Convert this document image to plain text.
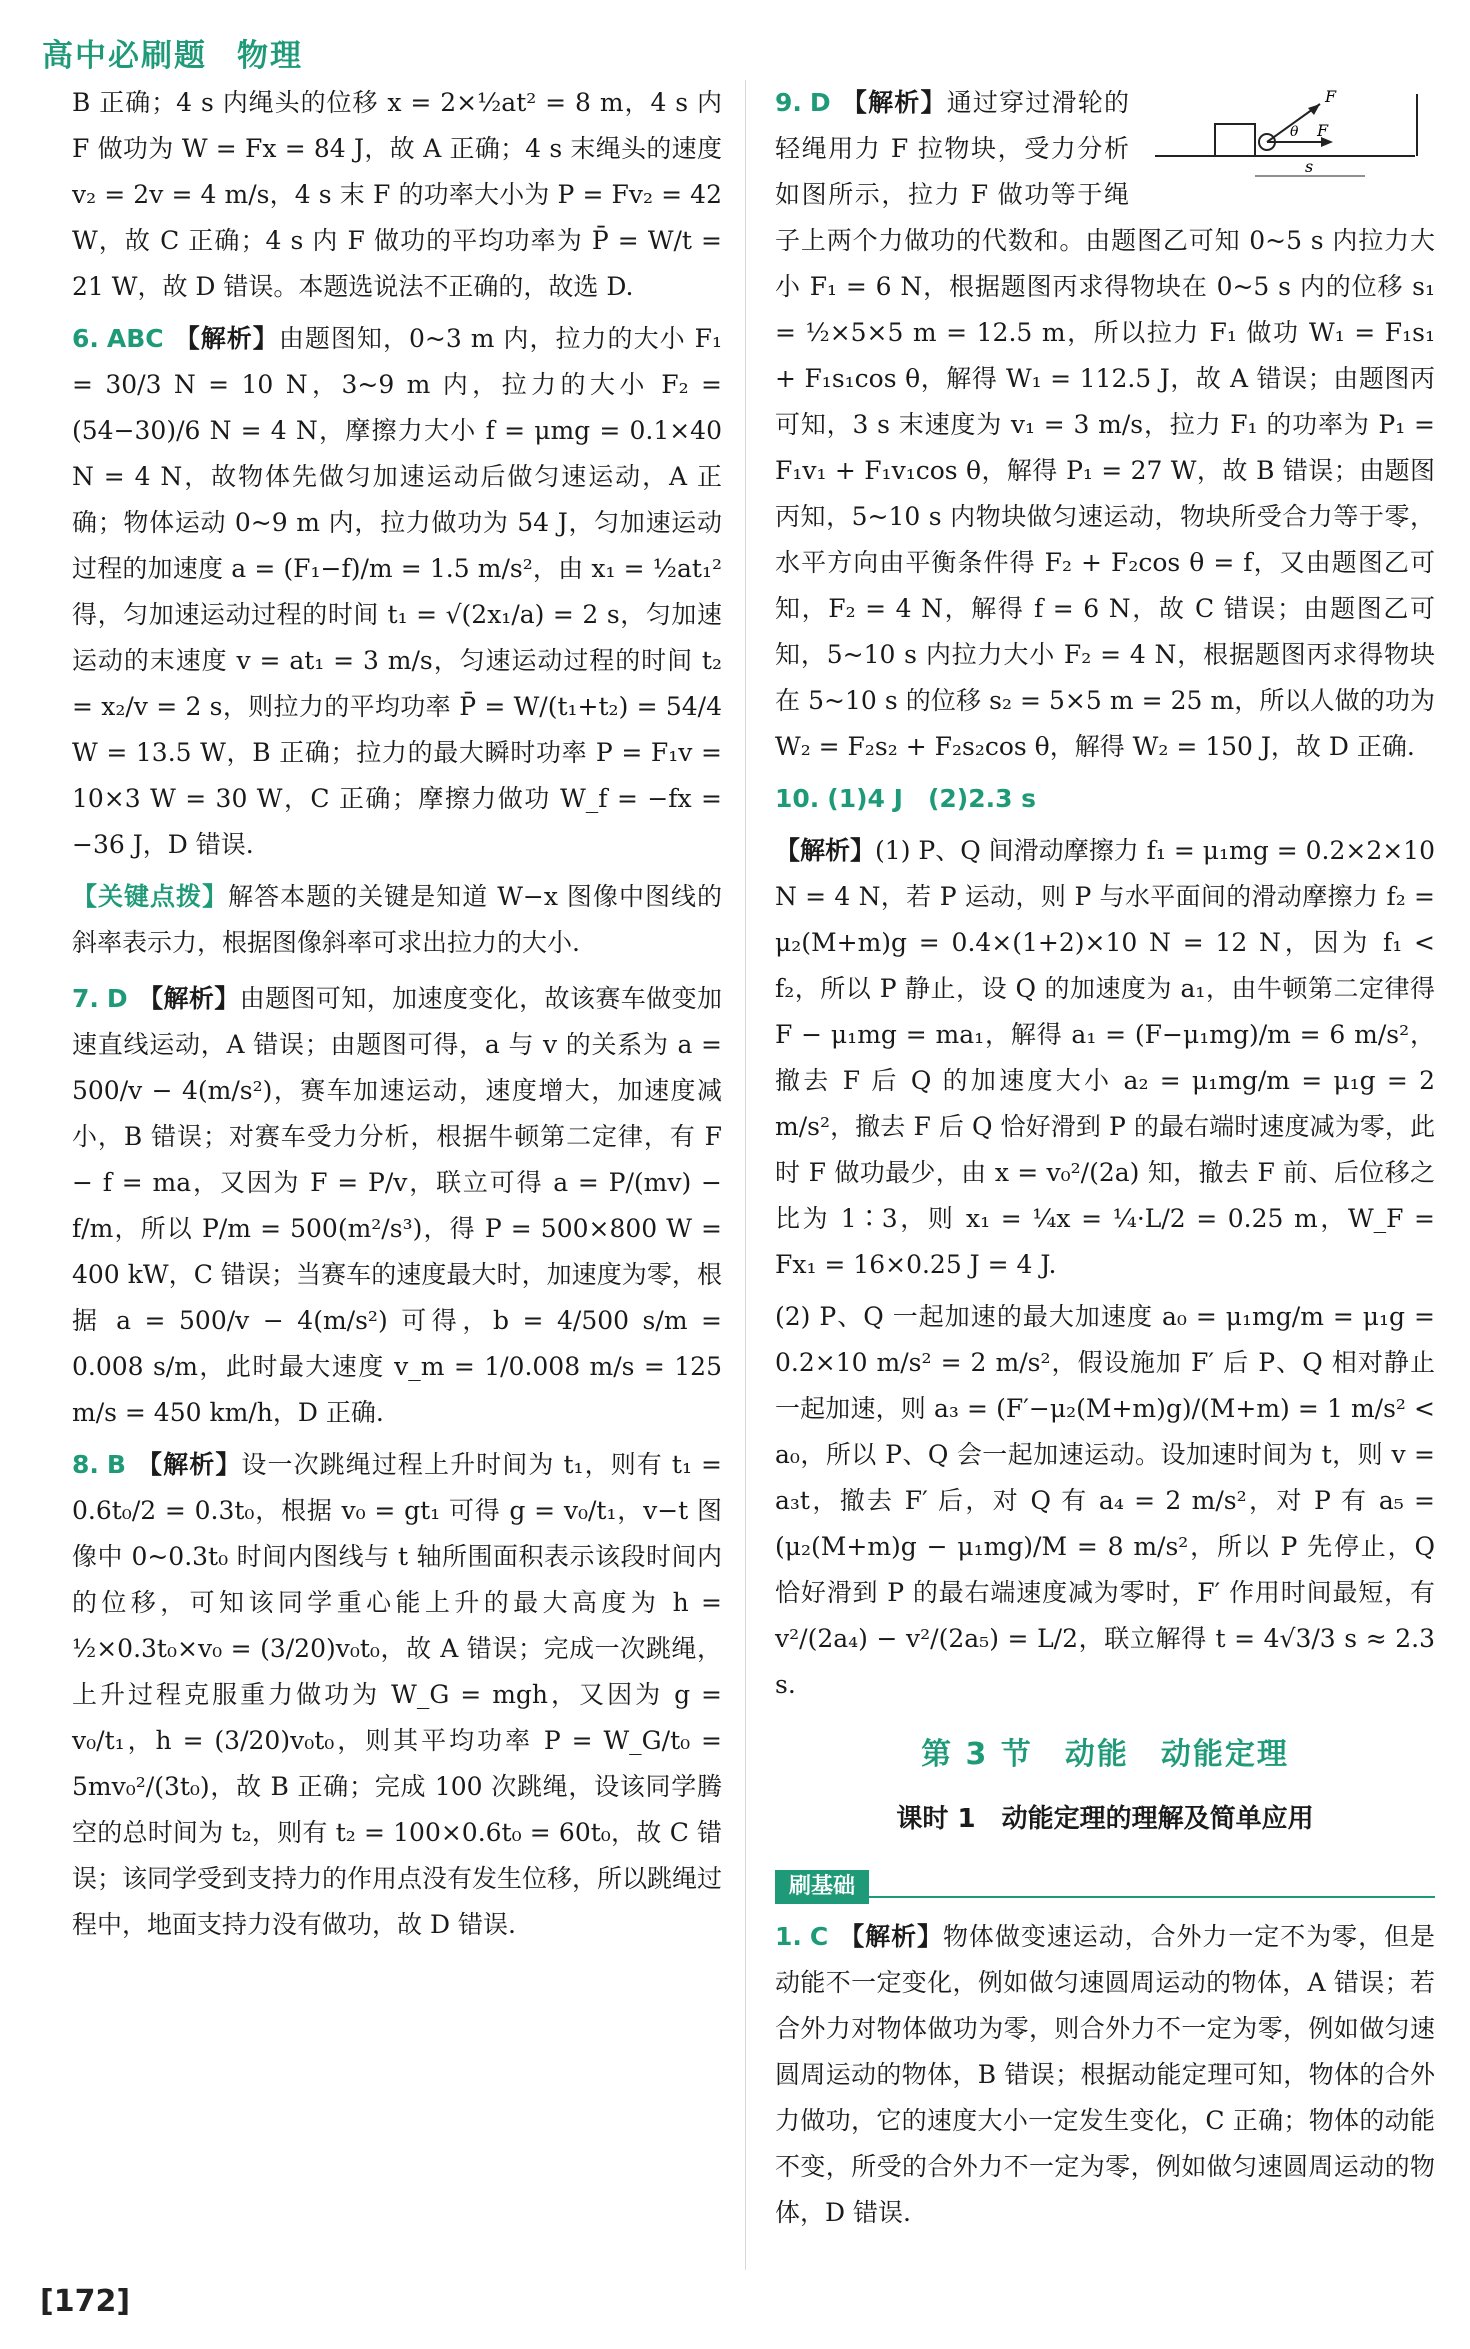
高中必刷题 物理

B 正确；4 s 内绳头的位移 x = 2×½at² = 8 m，4 s 内 F 做功为 W = Fx = 84 J，故 A 正确；4 s 末绳头的速度 v₂ = 2v = 4 m/s，4 s 末 F 的功率大小为 P = Fv₂ = 42 W，故 C 正确；4 s 内 F 做功的平均功率为 P̄ = W/t = 21 W，故 D 错误。本题选说法不正确的，故选 D.

6. ABC 【解析】由题图知，0~3 m 内，拉力的大小 F₁ = 30/3 N = 10 N，3~9 m 内，拉力的大小 F₂ = (54−30)/6 N = 4 N，摩擦力大小 f = μmg = 0.1×40 N = 4 N，故物体先做匀加速运动后做匀速运动，A 正确；物体运动 0~9 m 内，拉力做功为 54 J，匀加速运动过程的加速度 a = (F₁−f)/m = 1.5 m/s²，由 x₁ = ½at₁² 得，匀加速运动过程的时间 t₁ = √(2x₁/a) = 2 s，匀加速运动的末速度 v = at₁ = 3 m/s，匀速运动过程的时间 t₂ = x₂/v = 2 s，则拉力的平均功率 P̄ = W/(t₁+t₂) = 54/4 W = 13.5 W，B 正确；拉力的最大瞬时功率 P = F₁v = 10×3 W = 30 W，C 正确；摩擦力做功 W_f = −fx = −36 J，D 错误.

【关键点拨】解答本题的关键是知道 W−x 图像中图线的斜率表示力，根据图像斜率可求出拉力的大小.

7. D 【解析】由题图可知，加速度变化，故该赛车做变加速直线运动，A 错误；由题图可得，a 与 v 的关系为 a = 500/v − 4(m/s²)，赛车加速运动，速度增大，加速度减小，B 错误；对赛车受力分析，根据牛顿第二定律，有 F − f = ma，又因为 F = P/v，联立可得 a = P/(mv) − f/m，所以 P/m = 500(m²/s³)，得 P = 500×800 W = 400 kW，C 错误；当赛车的速度最大时，加速度为零，根据 a = 500/v − 4(m/s²) 可得，b = 4/500 s/m = 0.008 s/m，此时最大速度 v_m = 1/0.008 m/s = 125 m/s = 450 km/h，D 正确.

8. B 【解析】设一次跳绳过程上升时间为 t₁，则有 t₁ = 0.6t₀/2 = 0.3t₀，根据 v₀ = gt₁ 可得 g = v₀/t₁，v−t 图像中 0~0.3t₀ 时间内图线与 t 轴所围面积表示该段时间内的位移，可知该同学重心能上升的最大高度为 h = ½×0.3t₀×v₀ = (3/20)v₀t₀，故 A 错误；完成一次跳绳，上升过程克服重力做功为 W_G = mgh，又因为 g = v₀/t₁，h = (3/20)v₀t₀，则其平均功率 P = W_G/t₀ = 5mv₀²/(3t₀)，故 B 正确；完成 100 次跳绳，设该同学腾空的总时间为 t₂，则有 t₂ = 100×0.6t₀ = 60t₀，故 C 错误；该同学受到支持力的作用点没有发生位移，所以跳绳过程中，地面支持力没有做功，故 D 错误.

F
θ F
s

9. D 【解析】通过穿过滑轮的轻绳用力 F 拉物块，受力分析如图所示，拉力 F 做功等于绳子上两个力做功的代数和。由题图乙可知 0~5 s 内拉力大小 F₁ = 6 N，根据题图丙求得物块在 0~5 s 内的位移 s₁ = ½×5×5 m = 12.5 m，所以拉力 F₁ 做功 W₁ = F₁s₁ + F₁s₁cos θ，解得 W₁ = 112.5 J，故 A 错误；由题图丙可知，3 s 末速度为 v₁ = 3 m/s，拉力 F₁ 的功率为 P₁ = F₁v₁ + F₁v₁cos θ，解得 P₁ = 27 W，故 B 错误；由题图丙知，5~10 s 内物块做匀速运动，物块所受合力等于零，水平方向由平衡条件得 F₂ + F₂cos θ = f，又由题图乙可知，F₂ = 4 N，解得 f = 6 N，故 C 错误；由题图乙可知，5~10 s 内拉力大小 F₂ = 4 N，根据题图丙求得物块在 5~10 s 的位移 s₂ = 5×5 m = 25 m，所以人做的功为 W₂ = F₂s₂ + F₂s₂cos θ，解得 W₂ = 150 J，故 D 正确.

10. (1)4 J　(2)2.3 s

【解析】(1) P、Q 间滑动摩擦力 f₁ = μ₁mg = 0.2×2×10 N = 4 N，若 P 运动，则 P 与水平面间的滑动摩擦力 f₂ = μ₂(M+m)g = 0.4×(1+2)×10 N = 12 N，因为 f₁ < f₂，所以 P 静止，设 Q 的加速度为 a₁，由牛顿第二定律得 F − μ₁mg = ma₁，解得 a₁ = (F−μ₁mg)/m = 6 m/s²，撤去 F 后 Q 的加速度大小 a₂ = μ₁mg/m = μ₁g = 2 m/s²，撤去 F 后 Q 恰好滑到 P 的最右端时速度减为零，此时 F 做功最少，由 x = v₀²/(2a) 知，撤去 F 前、后位移之比为 1∶3，则 x₁ = ¼x = ¼·L/2 = 0.25 m，W_F = Fx₁ = 16×0.25 J = 4 J.

(2) P、Q 一起加速的最大加速度 a₀ = μ₁mg/m = μ₁g = 0.2×10 m/s² = 2 m/s²，假设施加 F′ 后 P、Q 相对静止一起加速，则 a₃ = (F′−μ₂(M+m)g)/(M+m) = 1 m/s² < a₀，所以 P、Q 会一起加速运动。设加速时间为 t，则 v = a₃t，撤去 F′ 后，对 Q 有 a₄ = 2 m/s²，对 P 有 a₅ = (μ₂(M+m)g − μ₁mg)/M = 8 m/s²，所以 P 先停止，Q 恰好滑到 P 的最右端速度减为零时，F′ 作用时间最短，有 v²/(2a₄) − v²/(2a₅) = L/2，联立解得 t = 4√3/3 s ≈ 2.3 s.

第 3 节　动能　动能定理
课时 1　动能定理的理解及简单应用
刷基础

1. C 【解析】物体做变速运动，合外力一定不为零，但是动能不一定变化，例如做匀速圆周运动的物体，A 错误；若合外力对物体做功为零，则合外力不一定为零，例如做匀速圆周运动的物体，B 错误；根据动能定理可知，物体的合外力做功，它的速度大小一定发生变化，C 正确；物体的动能不变，所受的合外力不一定为零，例如做匀速圆周运动的物体，D 错误.

[172]
